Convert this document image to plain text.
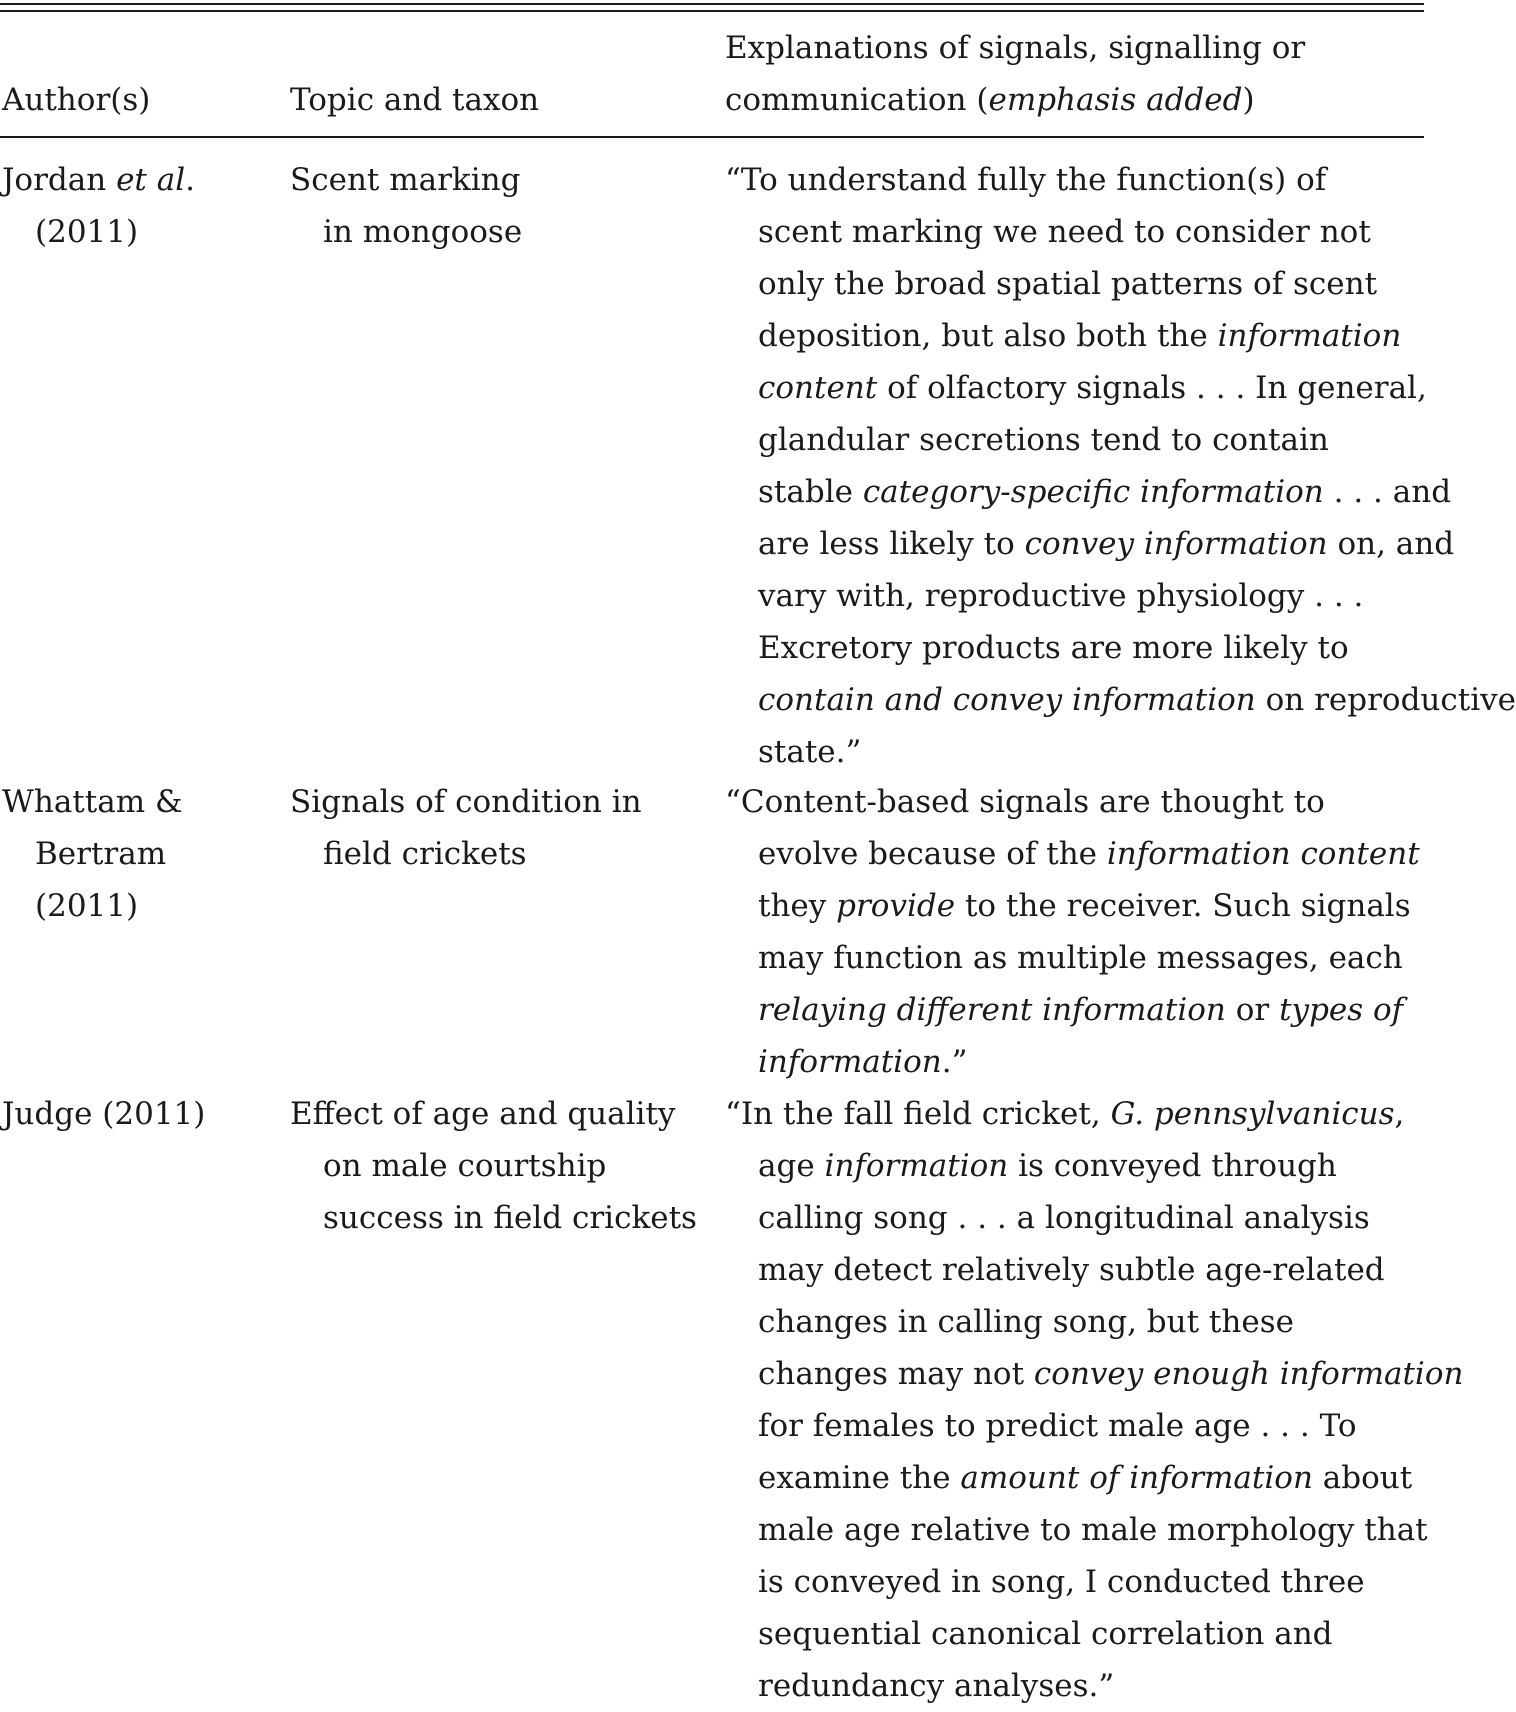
Author(s)	Topic and taxon
Explanations of signals, signalling or
communication (emphasis added)
Jordan et al.
(2011)
Scent marking
in mongoose
“To understand fully the function(s) of
scent marking we need to consider not
only the broad spatial patterns of scent
deposition, but also both the information
content of olfactory signals . . . In general,
glandular secretions tend to contain
stable category-specific information . . . and
are less likely to convey information on, and
vary with, reproductive physiology . . .
Excretory products are more likely to
contain and convey information on reproductive
state.”
Whattam &
Bertram
(2011)
Signals of condition in
field crickets
“Content-based signals are thought to
evolve because of the information content
they provide to the receiver. Such signals
may function as multiple messages, each
relaying different information or types of
information.”
Judge (2011)	Effect of age and quality
on male courtship
success in field crickets
“In the fall field cricket, G. pennsylvanicus,
age information is conveyed through
calling song . . . a longitudinal analysis
may detect relatively subtle age-related
changes in calling song, but these
changes may not convey enough information
for females to predict male age . . . To
examine the amount of information about
male age relative to male morphology that
is conveyed in song, I conducted three
sequential canonical correlation and
redundancy analyses.”
